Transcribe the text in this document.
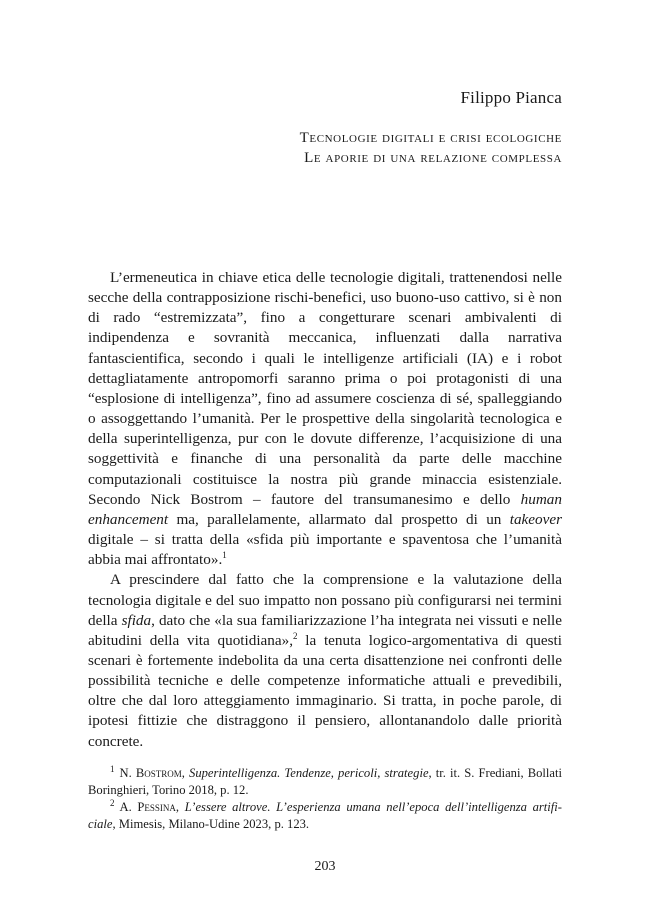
Filippo Pianca
Tecnologie digitali e crisi ecologiche
Le aporie di una relazione complessa

L’ermeneutica in chiave etica delle tecnologie digitali, trattenendosi nelle secche della contrapposizione rischi-benefici, uso buono-uso cattivo, si è non di rado “estremizzata”, fino a congetturare scenari ambivalenti di indipendenza e sovranità meccanica, influenzati dalla narrativa fantascientifica, secondo i quali le intelligenze artificiali (IA) e i robot dettagliatamente antropomorfi saranno prima o poi protagonisti di una “esplosione di intelligenza”, fino ad assumere coscienza di sé, spalleggiando o assoggettando l’umanità. Per le prospettive della singolarità tecnologica e della superintelligenza, pur con le dovute differenze, l’acquisizione di una soggettività e finanche di una personalità da parte delle macchine computazionali costituisce la nostra più grande minaccia esistenziale. Secondo Nick Bostrom – fautore del transumanesimo e dello human enhancement ma, parallelamente, allarmato dal prospetto di un takeover digitale – si tratta della «sfida più importante e spaventosa che l’umanità abbia mai affrontato».$^1$

A prescindere dal fatto che la comprensione e la valutazione della tecnologia digitale e del suo impatto non possano più configurarsi nei termini della sfida, dato che «la sua familiarizzazione l’ha integrata nei vissuti e nelle abitudini della vita quotidiana»,$^2$ la tenuta logico-argomentativa di questi scenari è fortemente indebolita da una certa disattenzione nei confronti delle possibilità tecniche e delle competenze informatiche attuali e prevedibili, oltre che dal loro atteggiamento immaginario. Si tratta, in poche parole, di ipotesi fittizie che distraggono il pensiero, allontanandolo dalle priorità concrete.

$^1$ N. Bostrom, Superintelligenza. Tendenze, pericoli, strategie, tr. it. S. Frediani, Bollati Boringhieri, Torino 2018, p. 12.

$^2$ A. Pessina, L’essere altrove. L’esperienza umana nell’epoca dell’intelligenza artificiale, Mimesis, Milano-Udine 2023, p. 123.

203
